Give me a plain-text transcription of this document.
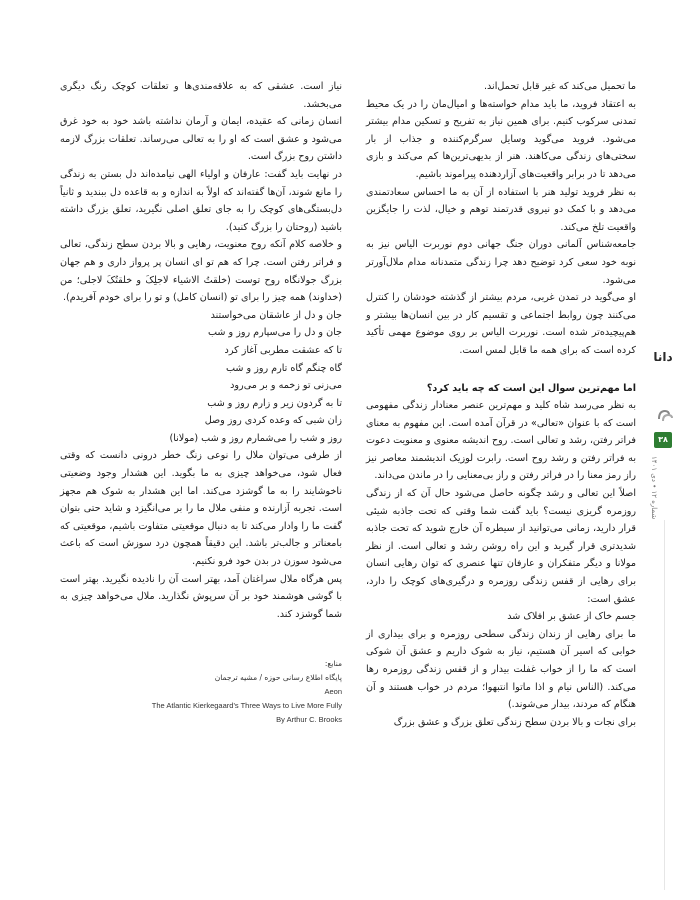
ما تحمیل می‌کند که غیر قابل تحمل‌اند.

به اعتقاد فروید، ما باید مدام خواسته‌ها و امیال‌مان را در یک محیط تمدنی سرکوب کنیم. برای همین نیاز به تفریح و تسکین مدام بیشتر می‌شود. فروید می‌گوید وسایل سرگرم‌کننده و جذاب از بار سختی‌های زندگی می‌کاهند. هنر از بدیهی‌ترین‌ها کم می‌کند و بازی می‌دهد تا در برابر واقعیت‌های آزاردهنده پیراموند باشیم.

به نظر فروید تولید هنر با استفاده از آن به ما احساس سعادتمندی می‌دهد و با کمک دو نیروی قدرتمند توهم و خیال، لذت را جایگزین واقعیت تلخ می‌کند.

جامعه‌شناس آلمانی دوران جنگ جهانی دوم نوربرت الیاس نیز به نوبه خود سعی کرد توضیح دهد چرا زندگی متمدنانه مدام ملال‌آورتر می‌شود.

او می‌گوید در تمدن غربی، مردم بیشتر از گذشته خودشان را کنترل می‌کنند چون روابط اجتماعی و تقسیم کار در بین انسان‌ها بیشتر و هم‌پیچیده‌تر شده است. نوربرت الیاس بر روی موضوع مهمی تأکید کرده است که برای همه ما قابل لمس است.

اما مهم‌ترین سوال این است که چه باید کرد؟

به نظر می‌رسد شاه کلید و مهم‌ترین عنصر معنادار زندگی مفهومی است که با عنوان «تعالی» در قرآن آمده است. این مفهوم به معنای فراتر رفتن، رشد و تعالی است. روح اندیشه معنوی و معنویت دعوت به فراتر رفتن و رشد روح است. رابرت لوزیک اندیشمند معاصر نیز راز رمز معنا را در فراتر رفتن و راز بی‌معنایی را در ماندن می‌داند.

اصلاً این تعالی و رشد چگونه حاصل می‌شود حال آن که از زندگی روزمره گریزی نیست؟ باید گفت شما وقتی که تحت جاذبه شیئی قرار دارید، زمانی می‌توانید از سیطره آن خارج شوید که تحت جاذبه شدیدتری قرار گیرید و این راه روشن رشد و تعالی است. از نظر مولانا و دیگر متفکران و عارفان تنها عنصری که توان رهایی انسان برای رهایی از قفس زندگی روزمره و درگیری‌های کوچک را دارد، عشق است:

جسم خاک از عشق بر افلاک شد

ما برای رهایی از زندان زندگی سطحی روزمره و برای بیداری از خوابی که اسیر آن هستیم، نیاز به شوک داریم و عشق آن شوکی است که ما را از خواب غفلت بیدار و از قفس زندگی روزمره رها می‌کند. (الناس نیام و اذا ماتوا انتبهوا؛ مردم در خواب هستند و آن هنگام که مردند، بیدار می‌شوند.)

برای نجات و بالا بردن سطح زندگی تعلق بزرگ و عشق بزرگ

نیاز است. عشقی که به علاقه‌مندی‌ها و تعلقات کوچک رنگ دیگری می‌بخشد.

انسان زمانی که عقیده، ایمان و آرمان نداشته باشد خود به خود غرق می‌شود و عشق است که او را به تعالی می‌رساند. تعلقات بزرگ لازمه داشتن روح بزرگ است.

در نهایت باید گفت: عارفان و اولیاء الهی نیامده‌اند دل بستن به زندگی را مانع شوند، آن‌ها گفته‌اند که اولاً به اندازه و به قاعده دل ببندید و ثانیاً دل‌بستگی‌های کوچک را به جای تعلق اصلی نگیرید، تعلق بزرگ داشته باشید (روحتان را بزرگ کنید).

و خلاصه کلام آنکه روح معنویت، رهایی و بالا بردن سطح زندگی، تعالی و فراتر رفتن است. چرا که هم تو ای انسان پر پرواز داری و هم جهان بزرگ جولانگاه روح توست (خلقتُ الاشیاء لاجلِکَ و خلقتُکَ لاجلی؛ من (خداوند) همه چیز را برای تو (انسان کامل) و تو را برای خودم آفریدم).

جان و دل از عاشقان می‌خواستند

جان و دل را می‌سپارم روز و شب

تا که عشقت مطربی آغاز کرد

گاه چنگم گاه تارم روز و شب

می‌زنی تو زخمه و بر می‌رود

تا به گردون زیر و زارم روز و شب

زان شبی که وعده کردی روز وصل

روز و شب را می‌شمارم روز و شب (مولانا)

از طرفی می‌توان ملال را نوعی زنگ خطر درونی دانست که وقتی فعال شود، می‌خواهد چیزی به ما بگوید. این هشدار وجود وضعیتی ناخوشایند را به ما گوشزد می‌کند. اما این هشدار به شوک هم مجهز است. تجربه آزارنده و منفی ملال ما را بر می‌انگیزد و شاید حتی بتوان گفت ما را وادار می‌کند تا به دنبال موقعیتی متفاوت باشیم، موقعیتی که بامعناتر و جالب‌تر باشد. این دقیقاً همچون درد سوزش است که باعث می‌شود سوزن در بدن خود فرو نکنیم.

پس هرگاه ملال سراغتان آمد، بهتر است آن را نادیده نگیرید. بهتر است با گوشی هوشمند خود بر آن سرپوش نگذارید. ملال می‌خواهد چیزی به شما گوشزد کند.

منابع:
پایگاه اطلاع رسانی حوزه / مشیه ترجمان
Aeon
The Atlantic Kierkegaard's Three Ways to Live More Fully
By Arthur C. Brooks
دانا
۳۸
شماره ۱۲ • دی ۱۴۰۱
